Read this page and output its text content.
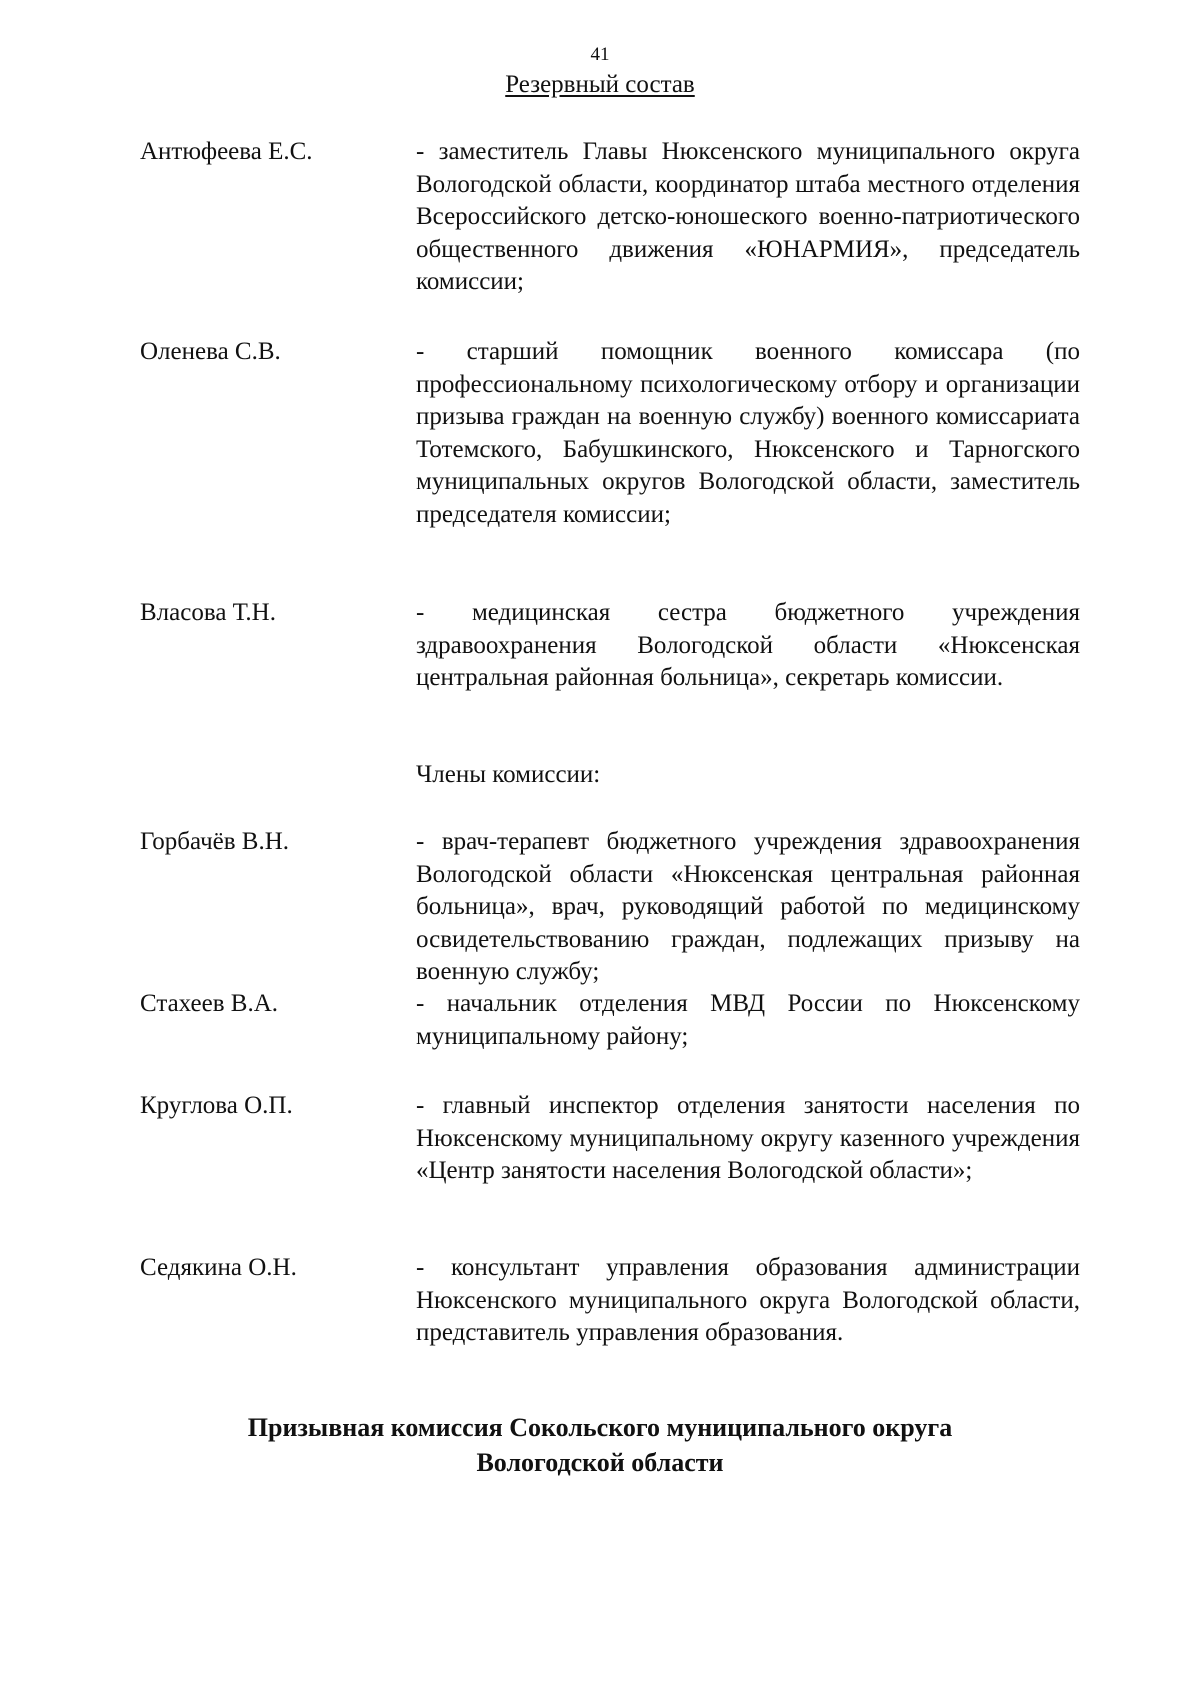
41
Резервный состав
Антюфеева Е.С.	- заместитель Главы Нюксенского муниципального округа Вологодской области, координатор штаба местного отделения Всероссийского детско-юношеского военно-патриотического общественного движения «ЮНАРМИЯ», председатель комиссии;
Оленева С.В.	- старший помощник военного комиссара (по профессиональному психологическому отбору и организации призыва граждан на военную службу) военного комиссариата Тотемского, Бабушкинского, Нюксенского и Тарногского муниципальных округов Вологодской области, заместитель председателя комиссии;
Власова Т.Н.	- медицинская сестра бюджетного учреждения здравоохранения Вологодской области «Нюксенская центральная районная больница», секретарь комиссии.
Члены комиссии:
Горбачёв В.Н.	- врач-терапевт бюджетного учреждения здравоохранения Вологодской области «Нюксенская центральная районная больница», врач, руководящий работой по медицинскому освидетельствованию граждан, подлежащих призыву на военную службу;
Стахеев В.А.	- начальник отделения МВД России по Нюксенскому муниципальному району;
Круглова О.П.	- главный инспектор отделения занятости населения по Нюксенскому муниципальному округу казенного учреждения «Центр занятости населения Вологодской области»;
Седякина О.Н.	- консультант управления образования администрации Нюксенского муниципального округа Вологодской области, представитель управления образования.
Призывная комиссия Сокольского муниципального округа
Вологодской области
